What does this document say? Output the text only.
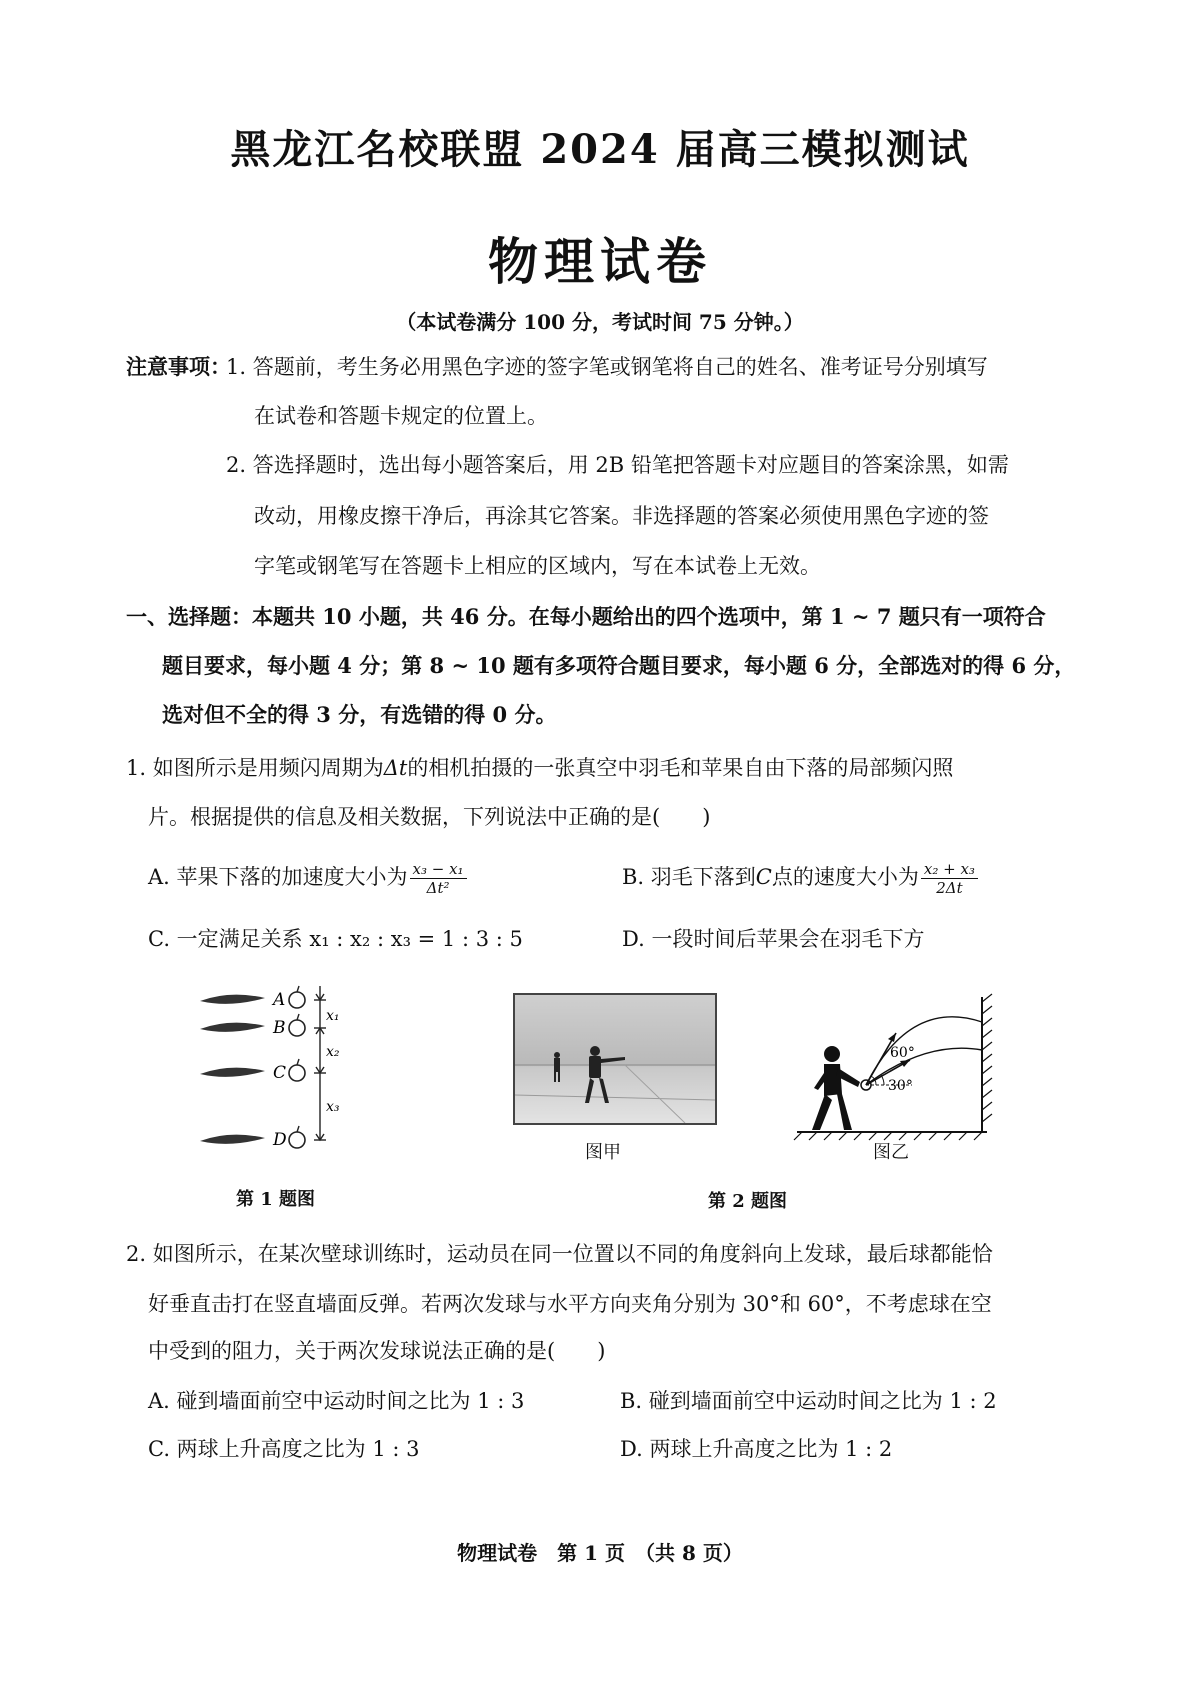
黑龙江名校联盟 2024 届高三模拟测试
物理试卷
（本试卷满分 100 分，考试时间 75 分钟。）
注意事项：
1. 答题前，考生务必用黑色字迹的签字笔或钢笔将自己的姓名、准考证号分别填写
在试卷和答题卡规定的位置上。
2. 答选择题时，选出每小题答案后，用 2B 铅笔把答题卡对应题目的答案涂黑，如需
改动，用橡皮擦干净后，再涂其它答案。非选择题的答案必须使用黑色字迹的签
字笔或钢笔写在答题卡上相应的区域内，写在本试卷上无效。
一、选择题：本题共 10 小题，共 46 分。在每小题给出的四个选项中，第 1 ~ 7 题只有一项符合
题目要求，每小题 4 分；第 8 ~ 10 题有多项符合题目要求，每小题 6 分，全部选对的得 6 分，
选对但不全的得 3 分，有选错的得 0 分。
1. 如图所示是用频闪周期为Δt的相机拍摄的一张真空中羽毛和苹果自由下落的局部频闪照
片。根据提供的信息及相关数据，下列说法中正确的是(　　)
A. 苹果下落的加速度大小为 $\frac{\text{x₃ − x₁}}{\text{Δt²}}$	B. 羽毛下落到C点的速度大小为 $\frac{\text{x₂ + x₃}}{2\Delta t}$
C. 一定满足关系 x₁ : x₂ : x₃ = 1 : 3 : 5	D. 一段时间后苹果会在羽毛下方
A
B
C
D
x₁
x₂
x₃
第 1 题图
图甲
60°
30°
图乙
第 2 题图
2. 如图所示，在某次壁球训练时，运动员在同一位置以不同的角度斜向上发球，最后球都能恰
好垂直击打在竖直墙面反弹。若两次发球与水平方向夹角分别为 30°和 60°，不考虑球在空
中受到的阻力，关于两次发球说法正确的是(　　)
A. 碰到墙面前空中运动时间之比为 1 : 3	B. 碰到墙面前空中运动时间之比为 1 : 2
C. 两球上升高度之比为 1 : 3	D. 两球上升高度之比为 1 : 2
物理试卷　第 1 页　（共 8 页）
